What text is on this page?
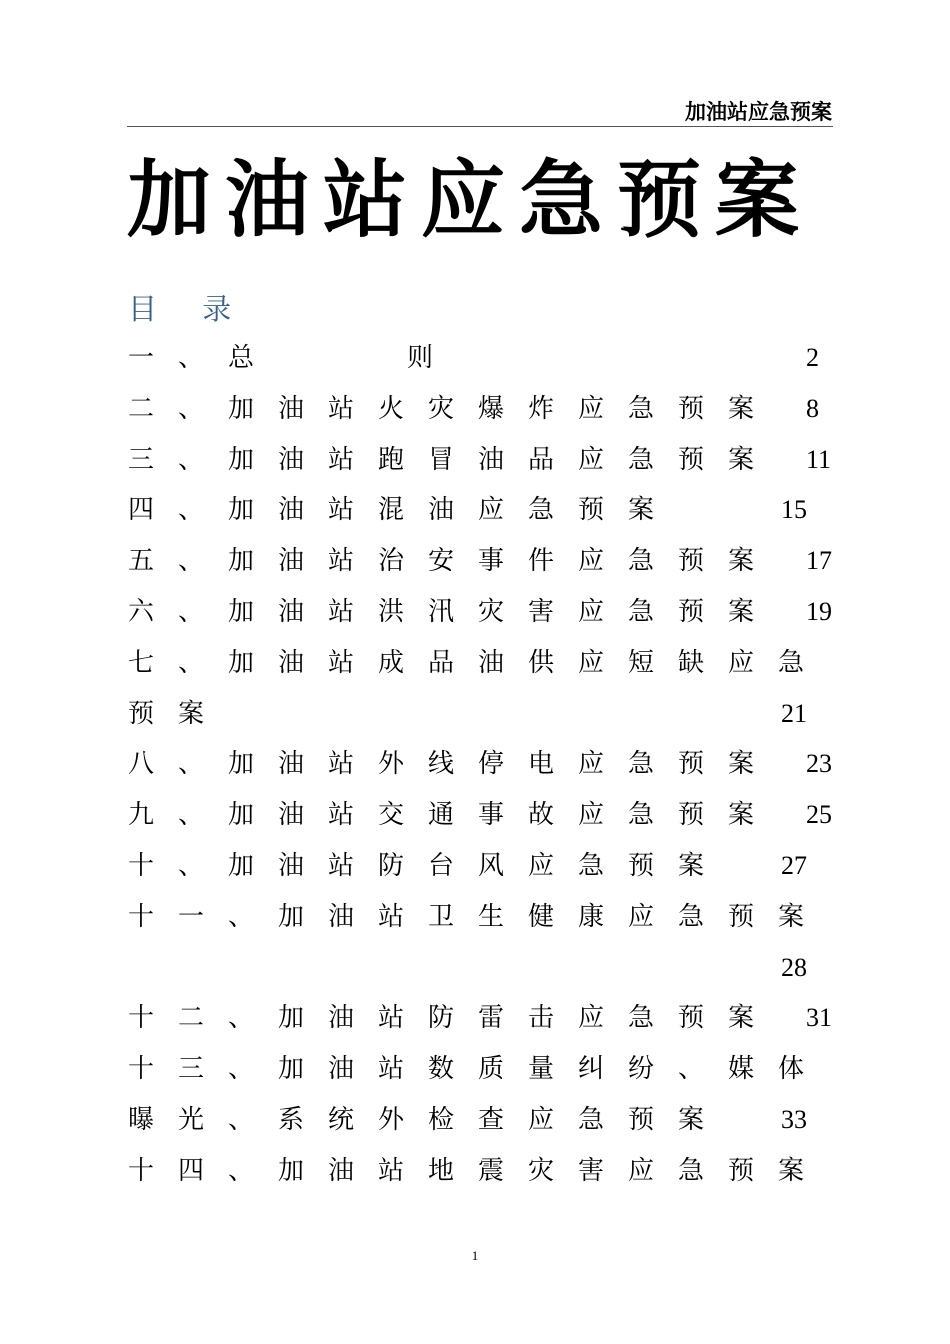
加油站应急预案
加油站应急预案
目 录
一、总    则	2
二、加油站火灾爆炸应急预案 8
三、加油站跑冒油品应急预案 11
四、加油站混油应急预案	15
五、加油站治安事件应急预案 17
六、加油站洪汛灾害应急预案 19
七、加油站成品油供应短缺应急
预案	21
八、加油站外线停电应急预案 23
九、加油站交通事故应急预案 25
十、加油站防台风应急预案 27
十一、加油站卫生健康应急预案
28
十二、加油站防雷击应急预案 31
十三、加油站数质量纠纷、媒体
曝光、系统外检查应急预案 33
十四、加油站地震灾害应急预案
1
